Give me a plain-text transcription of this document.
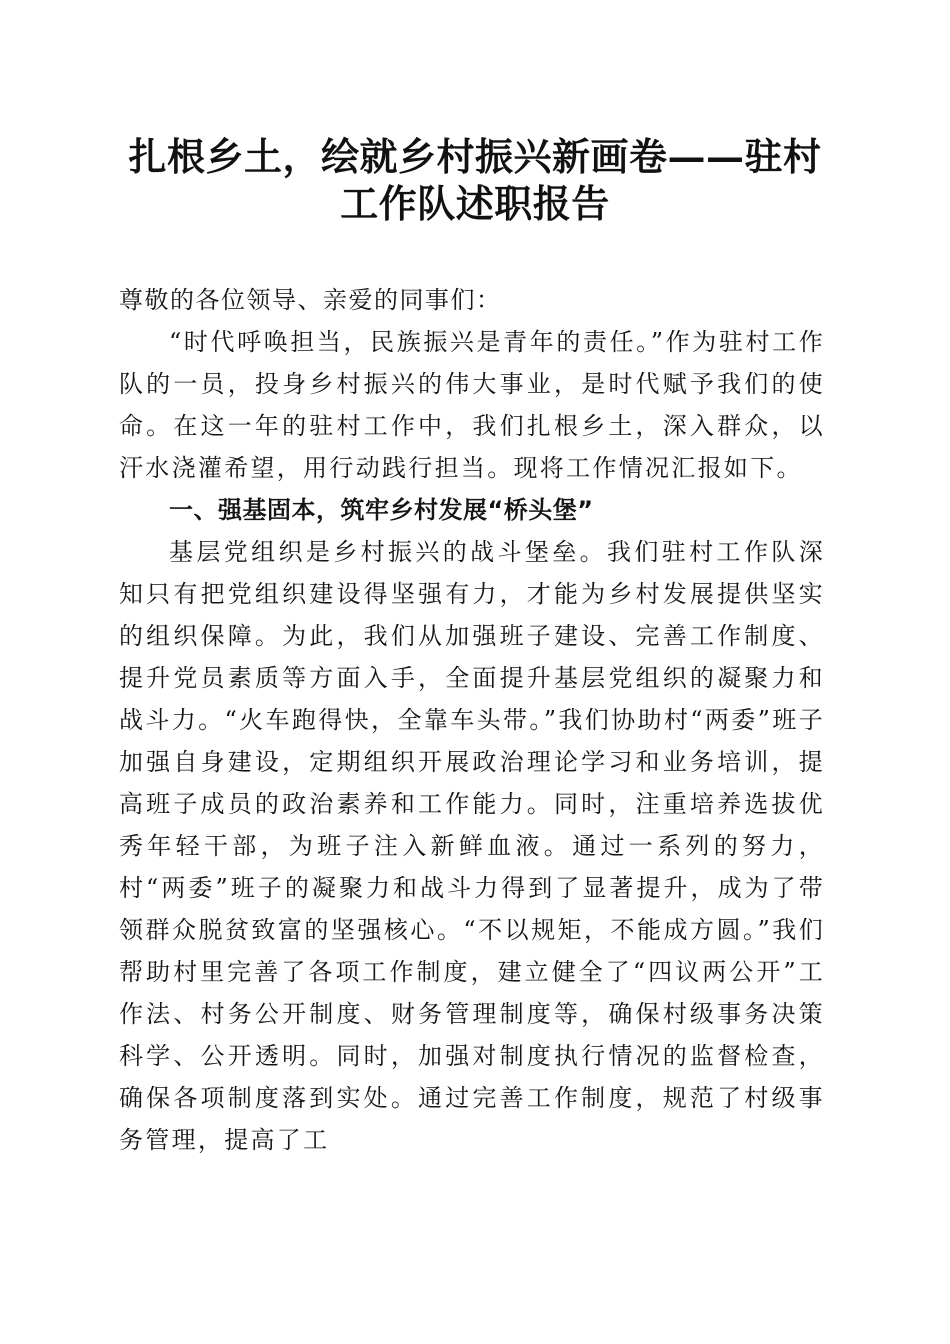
扎根乡土，绘就乡村振兴新画卷——驻村工作队述职报告

尊敬的各位领导、亲爱的同事们：

“时代呼唤担当，民族振兴是青年的责任。”作为驻村工作队的一员，投身乡村振兴的伟大事业，是时代赋予我们的使命。在这一年的驻村工作中，我们扎根乡土，深入群众，以汗水浇灌希望，用行动践行担当。现将工作情况汇报如下。

一、强基固本，筑牢乡村发展“桥头堡”

基层党组织是乡村振兴的战斗堡垒。我们驻村工作队深知只有把党组织建设得坚强有力，才能为乡村发展提供坚实的组织保障。为此，我们从加强班子建设、完善工作制度、提升党员素质等方面入手，全面提升基层党组织的凝聚力和战斗力。“火车跑得快，全靠车头带。”我们协助村“两委”班子加强自身建设，定期组织开展政治理论学习和业务培训，提高班子成员的政治素养和工作能力。同时，注重培养选拔优秀年轻干部，为班子注入新鲜血液。通过一系列的努力，村“两委”班子的凝聚力和战斗力得到了显著提升，成为了带领群众脱贫致富的坚强核心。“不以规矩，不能成方圆。”我们帮助村里完善了各项工作制度，建立健全了“四议两公开”工作法、村务公开制度、财务管理制度等，确保村级事务决策科学、公开透明。同时，加强对制度执行情况的监督检查，确保各项制度落到实处。通过完善工作制度，规范了村级事务管理，提高了工
